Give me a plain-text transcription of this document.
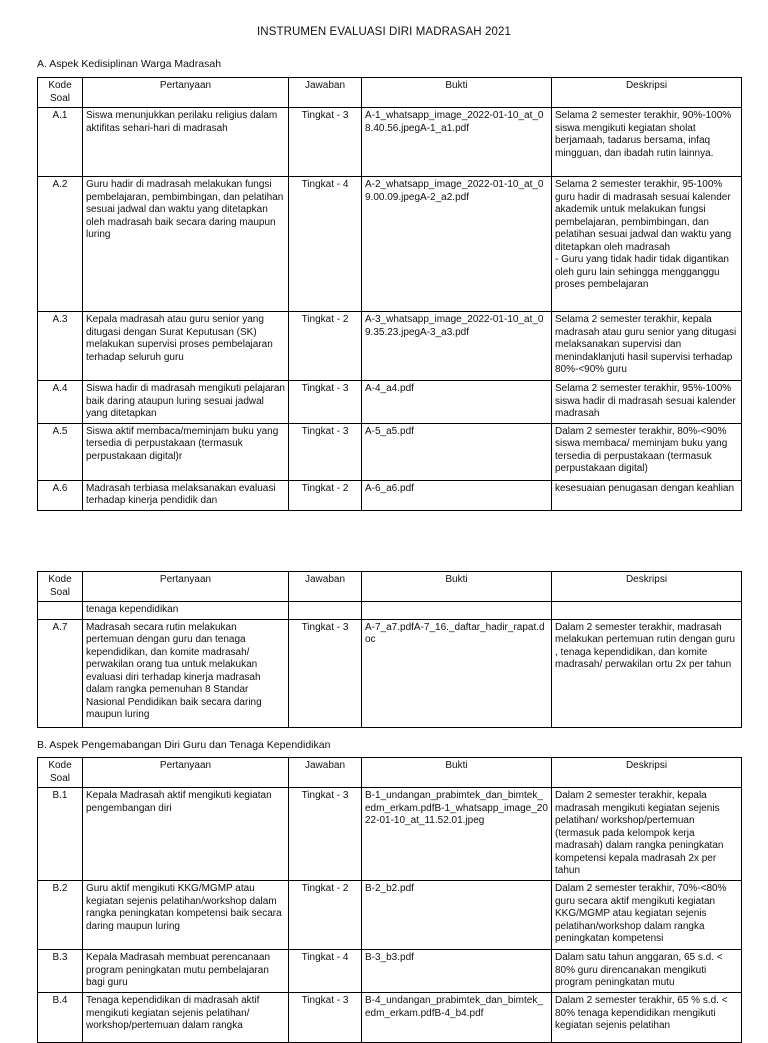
INSTRUMEN EVALUASI DIRI MADRASAH 2021
A. Aspek Kedisiplinan Warga Madrasah
Kode Soal	Pertanyaan	Jawaban	Bukti	Deskripsi
A.1	Siswa menunjukkan perilaku religius dalam aktifitas sehari-hari di madrasah	Tingkat - 3	A-1_whatsapp_image_2022-01-10_at_08.40.56.jpegA-1_a1.pdf	Selama 2 semester terakhir, 90%-100% siswa mengikuti kegiatan sholat berjamaah, tadarus bersama, infaq mingguan, dan ibadah rutin lainnya.
A.2	Guru hadir di madrasah melakukan fungsi pembelajaran, pembimbingan, dan pelatihan sesuai jadwal dan waktu yang ditetapkan oleh madrasah baik secara daring maupun luring	Tingkat - 4	A-2_whatsapp_image_2022-01-10_at_09.00.09.jpegA-2_a2.pdf	Selama 2 semester terakhir, 95-100% guru hadir di madrasah sesuai kalender akademik untuk melakukan fungsi pembelajaran, pembimbingan, dan pelatihan sesuai jadwal dan waktu yang ditetapkan oleh madrasah
- Guru yang tidak hadir tidak digantikan oleh guru lain sehingga mengganggu proses pembelajaran
A.3	Kepala madrasah atau guru senior yang ditugasi dengan Surat Keputusan (SK) melakukan supervisi proses pembelajaran terhadap seluruh guru	Tingkat - 2	A-3_whatsapp_image_2022-01-10_at_09.35.23.jpegA-3_a3.pdf	Selama 2 semester terakhir, kepala madrasah atau guru senior yang ditugasi melaksanakan supervisi dan menindaklanjuti hasil supervisi terhadap 80%-<90% guru
A.4	Siswa hadir di madrasah mengikuti pelajaran baik daring ataupun luring sesuai jadwal yang ditetapkan	Tingkat - 3	A-4_a4.pdf	Selama 2 semester terakhir, 95%-100% siswa hadir di madrasah sesuai kalender madrasah
A.5	Siswa aktif membaca/meminjam buku yang tersedia di perpustakaan (termasuk perpustakaan digital)r	Tingkat - 3	A-5_a5.pdf	Dalam 2 semester terakhir, 80%-<90% siswa membaca/ meminjam buku yang tersedia di perpustakaan (termasuk perpustakaan digital)
A.6	Madrasah terbiasa melaksanakan evaluasi terhadap kinerja pendidik dan	Tingkat - 2	A-6_a6.pdf	kesesuaian penugasan dengan keahlian
Kode Soal	Pertanyaan	Jawaban	Bukti	Deskripsi
	tenaga kependidikan			
A.7	Madrasah secara rutin melakukan pertemuan dengan guru dan tenaga kependidikan, dan komite madrasah/ perwakilan orang tua untuk melakukan evaluasi diri terhadap kinerja madrasah dalam rangka pemenuhan 8 Standar Nasional Pendidikan baik secara daring maupun luring	Tingkat - 3	A-7_a7.pdfA-7_16._daftar_hadir_rapat.doc	Dalam 2 semester terakhir, madrasah melakukan pertemuan rutin dengan guru , tenaga kependidikan, dan komite madrasah/ perwakilan ortu 2x per tahun
B. Aspek Pengemabangan Diri Guru dan Tenaga Kependidikan
Kode Soal	Pertanyaan	Jawaban	Bukti	Deskripsi
B.1	Kepala Madrasah aktif mengikuti kegiatan pengembangan diri	Tingkat - 3	B-1_undangan_prabimtek_dan_bimtek_edm_erkam.pdfB-1_whatsapp_image_2022-01-10_at_11.52.01.jpeg	Dalam 2 semester terakhir, kepala madrasah mengikuti kegiatan sejenis pelatihan/ workshop/pertemuan (termasuk pada kelompok kerja madrasah) dalam rangka peningkatan kompetensi kepala madrasah 2x per tahun
B.2	Guru aktif mengikuti KKG/MGMP atau kegiatan sejenis pelatihan/workshop dalam rangka peningkatan kompetensi baik secara daring maupun luring	Tingkat - 2	B-2_b2.pdf	Dalam 2 semester terakhir, 70%-<80% guru secara aktif mengikuti kegiatan KKG/MGMP atau kegiatan sejenis pelatihan/workshop dalam rangka peningkatan kompetensi
B.3	Kepala Madrasah membuat perencanaan program peningkatan mutu pembelajaran bagi guru	Tingkat - 4	B-3_b3.pdf	Dalam satu tahun anggaran, 65 s.d. < 80% guru direncanakan mengikuti program peningkatan mutu
B.4	Tenaga kependidikan di madrasah aktif mengikuti kegiatan sejenis pelatihan/ workshop/pertemuan dalam rangka	Tingkat - 3	B-4_undangan_prabimtek_dan_bimtek_edm_erkam.pdfB-4_b4.pdf	Dalam 2 semester terakhir, 65 % s.d. < 80% tenaga kependidikan mengikuti kegiatan sejenis pelatihan
